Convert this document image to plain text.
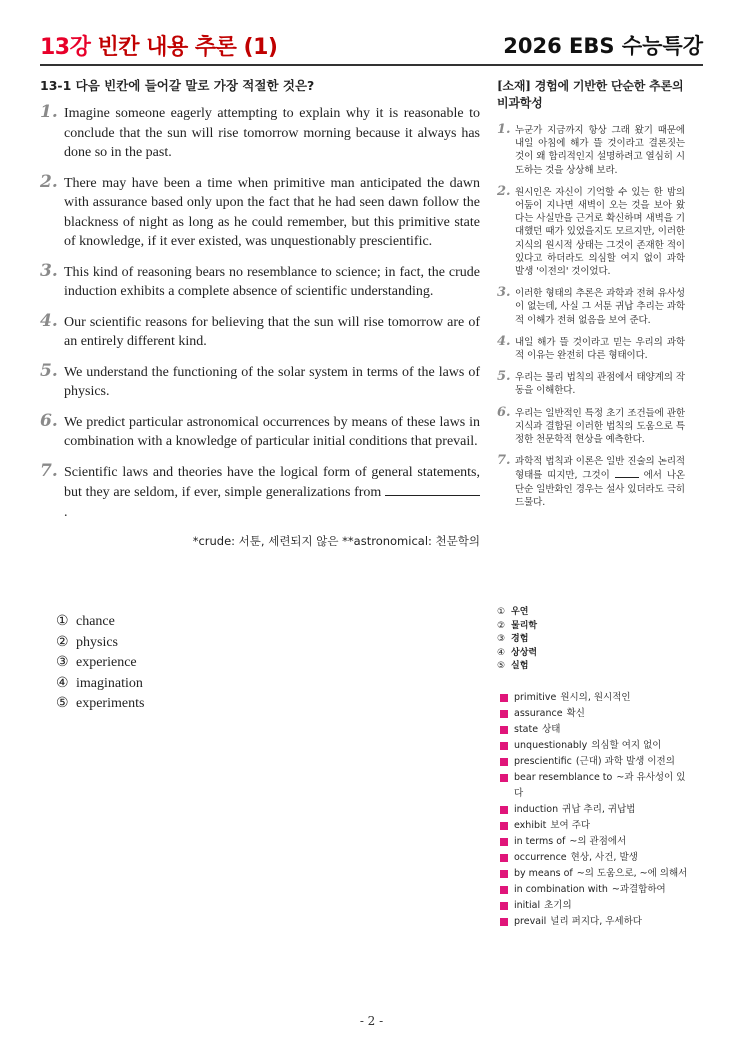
13강 빈칸 내용 추론 (1)	2026 EBS 수능특강
13-1 다음 빈칸에 들어갈 말로 가장 적절한 것은?
1. Imagine someone eagerly attempting to explain why it is reasonable to conclude that the sun will rise tomorrow morning because it always has done so in the past.
2. There may have been a time when primitive man anticipated the dawn with assurance based only upon the fact that he had seen dawn follow the blackness of night as long as he could remember, but this primitive state of knowledge, if it ever existed, was unquestionably prescientific.
3. This kind of reasoning bears no resemblance to science; in fact, the crude induction exhibits a complete absence of scientific understanding.
4. Our scientific reasons for believing that the sun will rise tomorrow are of an entirely different kind.
5. We understand the functioning of the solar system in terms of the laws of physics.
6. We predict particular astronomical occurrences by means of these laws in combination with a knowledge of particular initial conditions that prevail.
7. Scientific laws and theories have the logical form of general statements, but they are seldom, if ever, simple generalizations from .
*crude: 서툰, 세련되지 않은 **astronomical: 천문학의
① chance
② physics
③ experience
④ imagination
⑤ experiments
[소재] 경험에 기반한 단순한 추론의 비과학성
1. 누군가 지금까지 항상 그래 왔기 때문에 내일 아침에 해가 뜰 것이라고 결론짓는 것이 왜 합리적인지 설명하려고 열심히 시도하는 것을 상상해 보라.
2. 원시인은 자신이 기억할 수 있는 한 밤의 어둠이 지나면 새벽이 오는 것을 보아 왔다는 사실만을 근거로 확신하며 새벽을 기대했던 때가 있었을지도 모르지만, 이러한 지식의 원시적 상태는 그것이 존재한 적이 있다고 하더라도 의심할 여지 없이 과학 발생 '이전의' 것이었다.
3. 이러한 형태의 추론은 과학과 전혀 유사성이 없는데, 사실 그 서툰 귀납 추리는 과학적 이해가 전혀 없음을 보여 준다.
4. 내일 해가 뜰 것이라고 믿는 우리의 과학적 이유는 완전히 다른 형태이다.
5. 우리는 물리 법칙의 관점에서 태양계의 작동을 이해한다.
6. 우리는 일반적인 특정 초기 조건들에 관한 지식과 결합된 이러한 법칙의 도움으로 특정한 천문학적 현상을 예측한다.
7. 과학적 법칙과 이론은 일반 진술의 논리적 형태를 띠지만, 그것이	에서 나온 단순 일반화인 경우는 설사 있더라도 극히 드물다.
① 우연
② 물리학
③ 경험
④ 상상력
⑤ 실험
primitive 원시의, 원시적인
assurance 확신
state 상태
unquestionably 의심할 여지 없이
prescientific (근대) 과학 발생 이전의
bear resemblance to ~과 유사성이 있다
induction 귀납 추리, 귀납법
exhibit 보여 주다
in terms of ~의 관점에서
occurrence 현상, 사건, 발생
by means of ~의 도움으로, ~에 의해서
in combination with ~과결합하여
initial 초기의
prevail 널리 퍼지다, 우세하다
- 2 -
